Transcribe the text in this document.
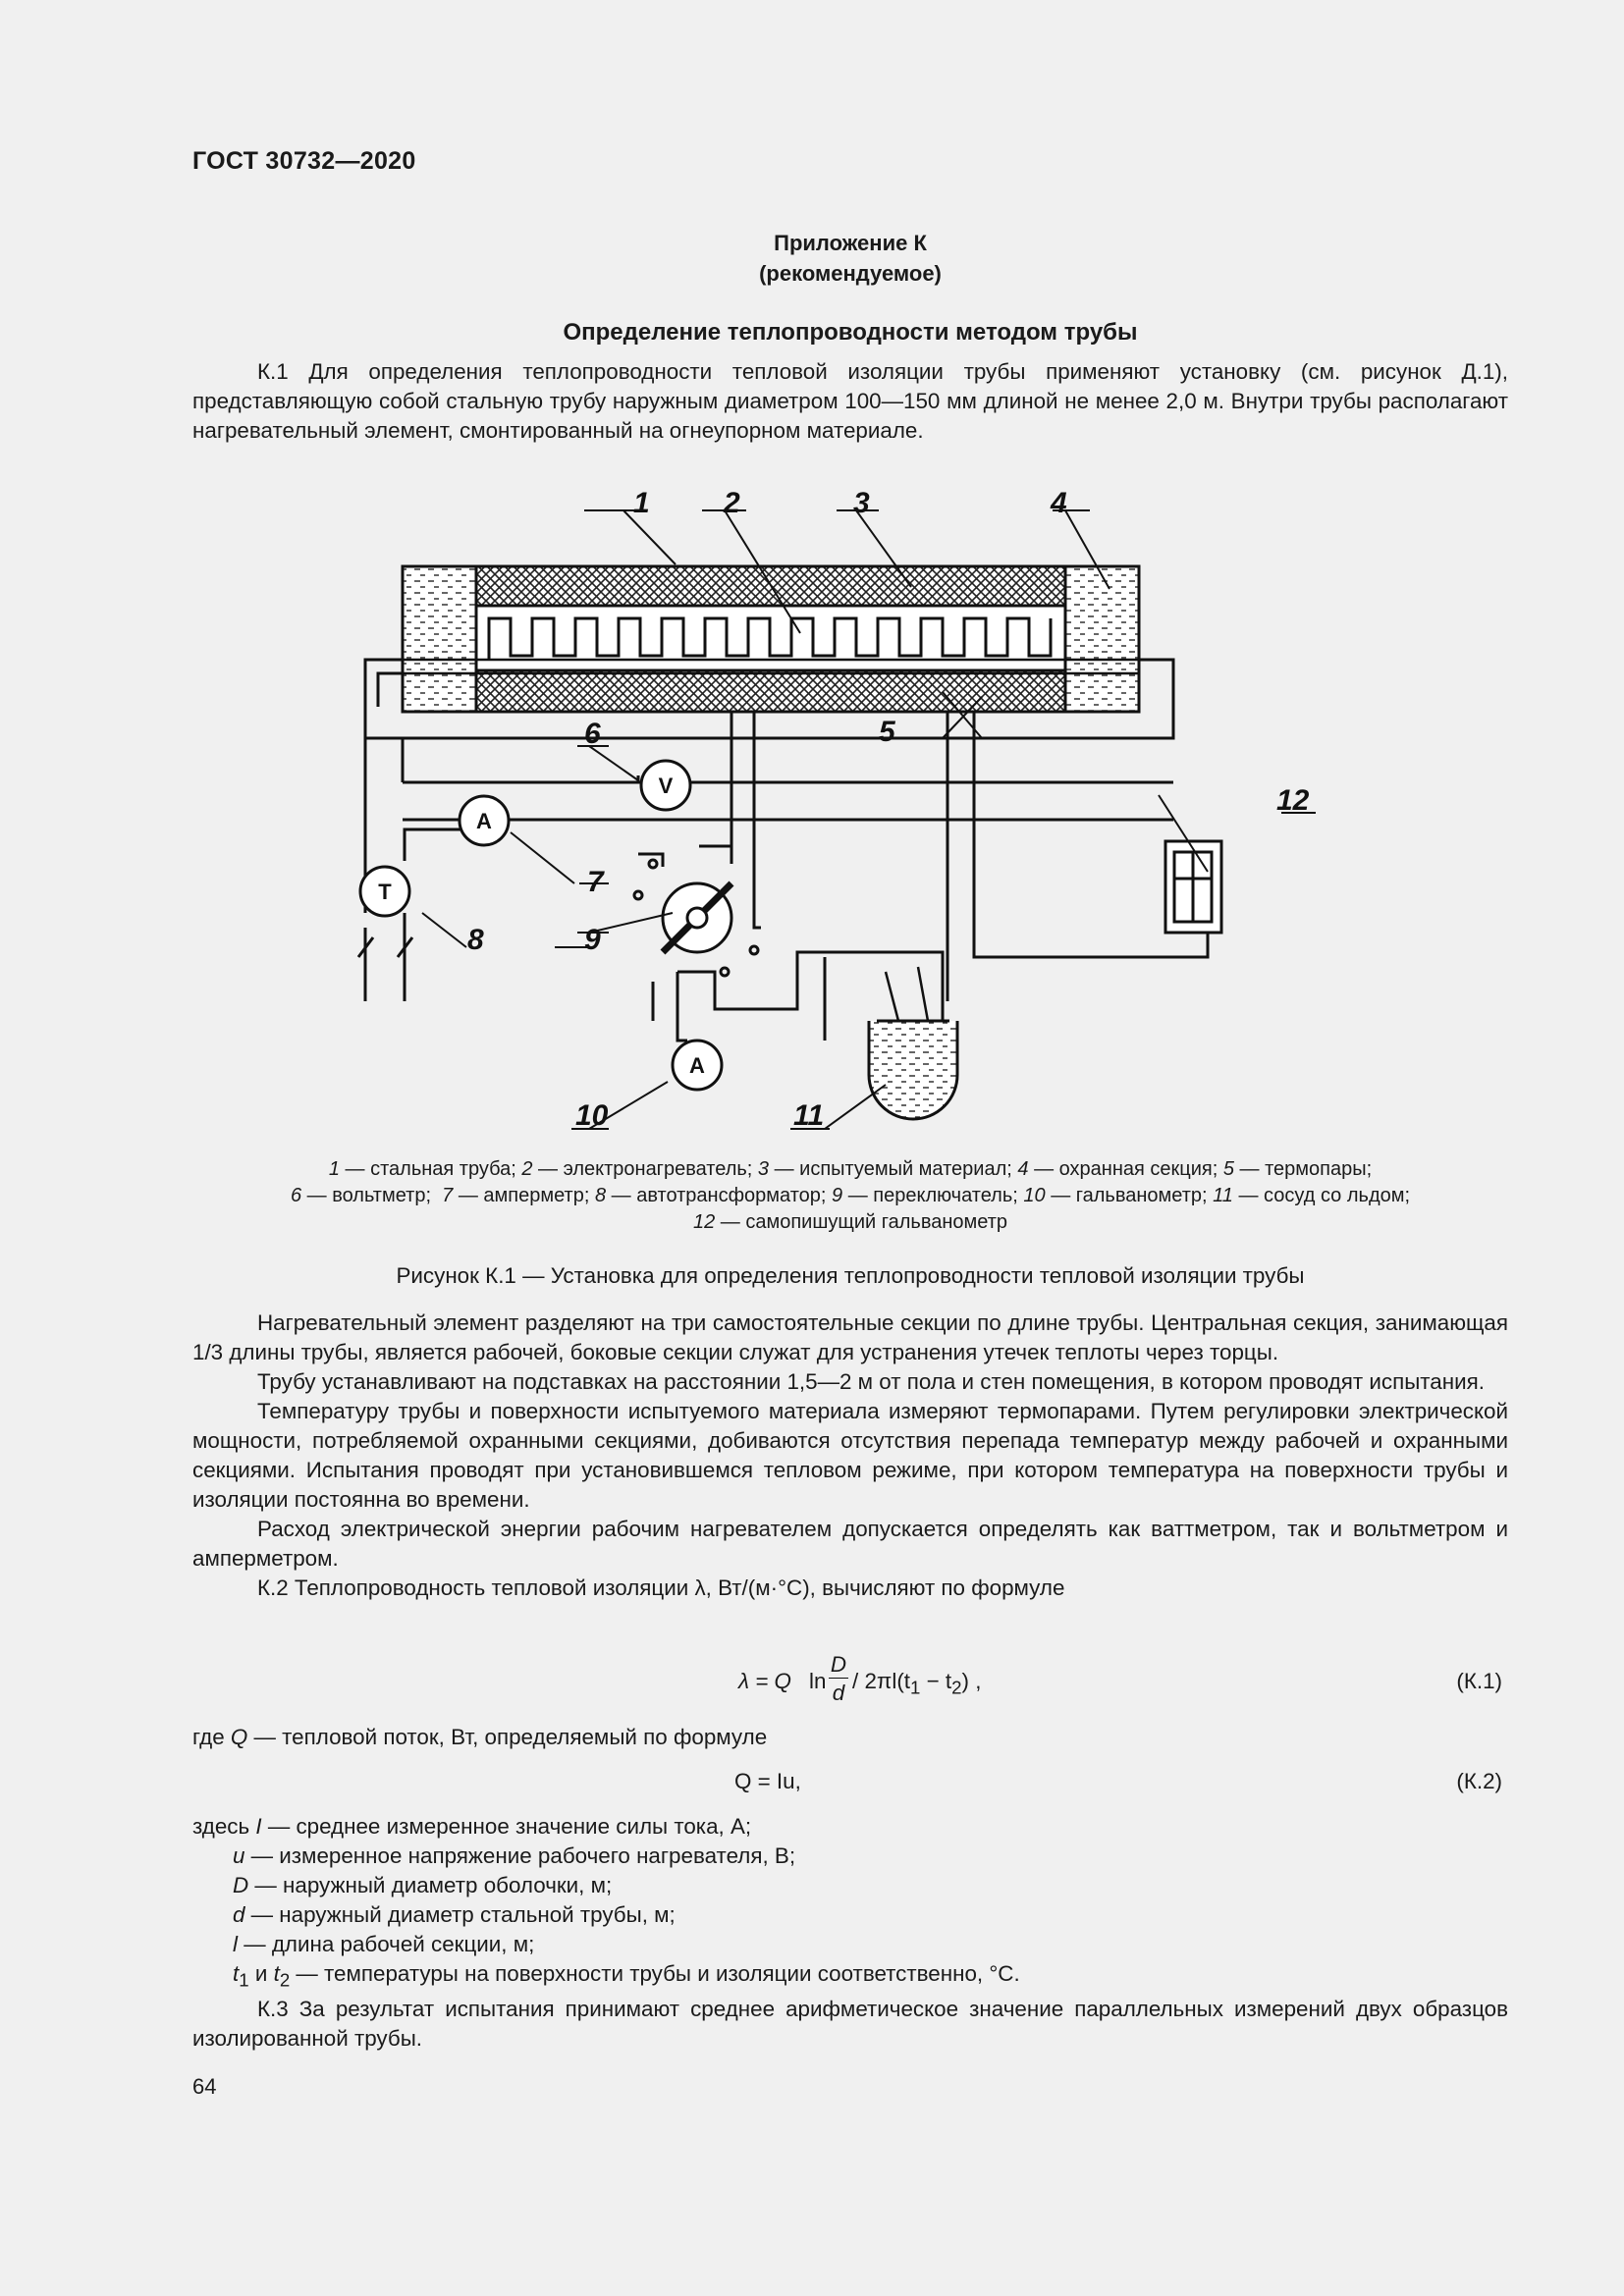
ГОСТ 30732—2020
Приложение К
(рекомендуемое)
Определение теплопроводности методом трубы

К.1 Для определения теплопроводности тепловой изоляции трубы применяют установку (см. рисунок Д.1), представляющую собой стальную трубу наружным диаметром 100—150 мм длиной не менее 2,0 м. Внутри трубы располагают нагревательный элемент, смонтированный на огнеупорном материале.

V
A
T
A
1	2	3	4
5
6
7
8	9
10	11
12
1 — стальная труба; 2 — электронагреватель; 3 — испытуемый материал; 4 — охранная секция; 5 — термопары;
6 — вольтметр; 7 — амперметр; 8 — автотрансформатор; 9 — переключатель; 10 — гальванометр; 11 — сосуд со льдом;
12 — самопишущий гальванометр
Рисунок К.1 — Установка для определения теплопроводности тепловой изоляции трубы

Нагревательный элемент разделяют на три самостоятельные секции по длине трубы. Центральная секция, занимающая 1/3 длины трубы, является рабочей, боковые секции служат для устранения утечек теплоты через торцы.

Трубу устанавливают на подставках на расстоянии 1,5—2 м от пола и стен помещения, в котором проводят испытания.

Температуру трубы и поверхности испытуемого материала измеряют термопарами. Путем регулировки электрической мощности, потребляемой охранными секциями, добиваются отсутствия перепада температур между рабочей и охранными секциями. Испытания проводят при установившемся тепловом режиме, при котором температура на поверхности трубы и изоляции постоянна во времени.

Расход электрической энергии рабочим нагревателем допускается определять как ваттметром, так и вольтметром и амперметром.

К.2 Теплопроводность тепловой изоляции λ, Вт/(м·°С), вычисляют по формуле

λ = Q ln
D
$d / 2\pi l(t_1 - t_2)$ ,	(К.1)
где Q — тепловой поток, Вт, определяемый по формуле
Q = Iu,	(К.2)
здесь I — среднее измеренное значение силы тока, А;
u — измеренное напряжение рабочего нагревателя, В;
D — наружный диаметр оболочки, м;
d — наружный диаметр стальной трубы, м;
l — длина рабочей секции, м;
$t_1$ и $t_2$ — температуры на поверхности трубы и изоляции соответственно, °С.

К.3 За результат испытания принимают среднее арифметическое значение параллельных измерений двух образцов изолированной трубы.

64
